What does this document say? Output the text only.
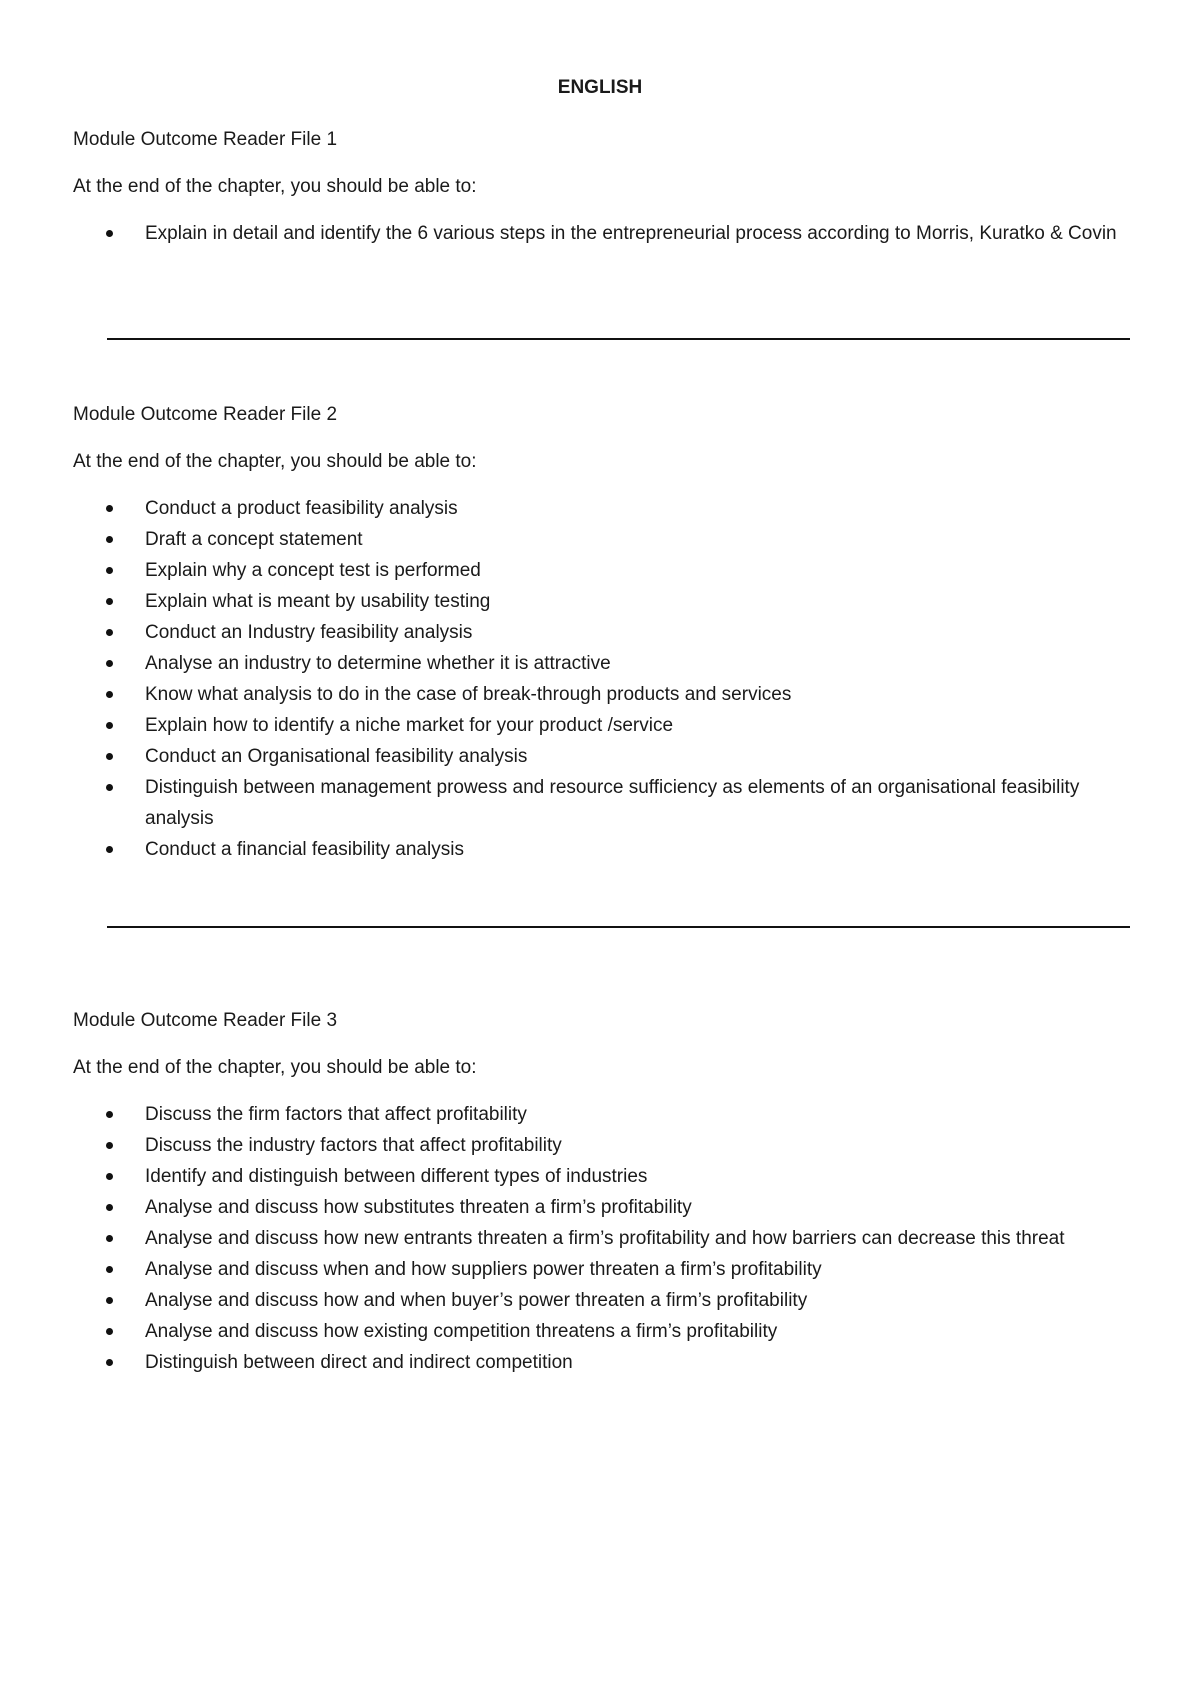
ENGLISH

Module Outcome Reader File 1

At the end of the chapter, you should be able to:

Explain in detail and identify the 6 various steps in the entrepreneurial process according to Morris, Kuratko & Covin

Module Outcome Reader File 2

At the end of the chapter, you should be able to:

Conduct a product feasibility analysis
Draft a concept statement
Explain why a concept test is performed
Explain what is meant by usability testing
Conduct an Industry feasibility analysis
Analyse an industry to determine whether it is attractive
Know what analysis to do in the case of break-through products and services
Explain how to identify a niche market for your product /service
Conduct an Organisational feasibility analysis
Distinguish between management prowess and resource sufficiency as elements of an organisational feasibility analysis
Conduct a financial feasibility analysis

Module Outcome Reader File 3

At the end of the chapter, you should be able to:

Discuss the firm factors that affect profitability
Discuss the industry factors that affect profitability
Identify and distinguish between different types of industries
Analyse and discuss how substitutes threaten a firm’s profitability
Analyse and discuss how new entrants threaten a firm’s profitability and how barriers can decrease this threat
Analyse and discuss when and how suppliers power threaten a firm’s profitability
Analyse and discuss how and when buyer’s power threaten a firm’s profitability
Analyse and discuss how existing competition threatens a firm’s profitability
Distinguish between direct and indirect competition
